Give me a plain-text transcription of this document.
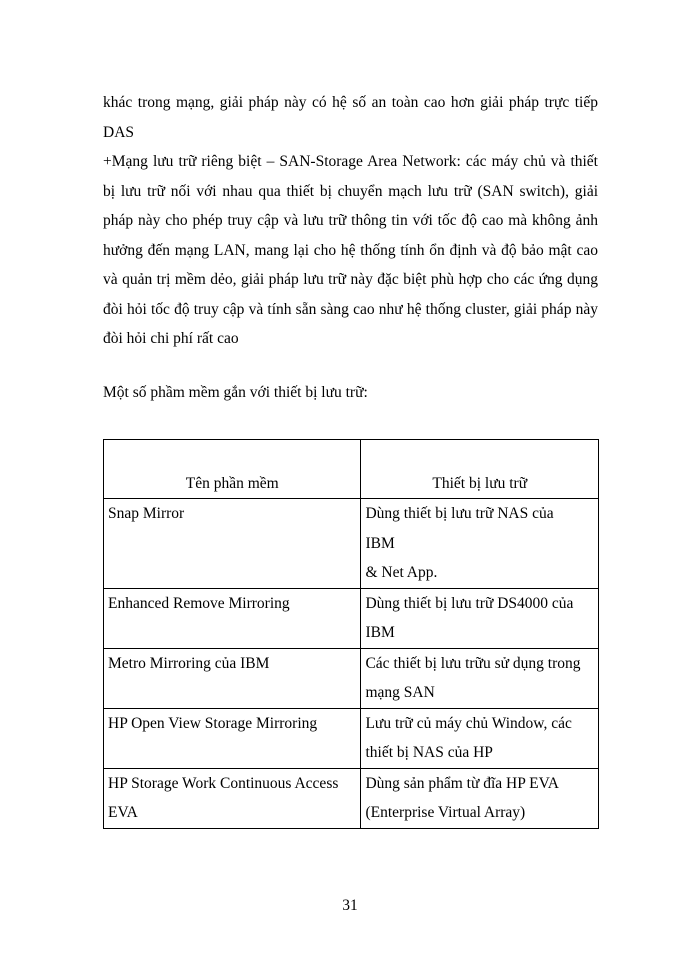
khác trong mạng, giải pháp này có hệ số an toàn cao hơn giải pháp trực tiếp DAS

+Mạng lưu trữ riêng biệt – SAN-Storage Area Network: các máy chủ và thiết bị lưu trữ nối với nhau qua thiết bị chuyển mạch lưu trữ (SAN switch), giải pháp này cho phép truy cập và lưu trữ thông tin với tốc độ cao mà không ảnh hưởng đến mạng LAN, mang lại cho hệ thống tính ổn định và độ bảo mật cao và quản trị mềm dẻo, giải pháp lưu trữ này đặc biệt phù hợp cho các ứng dụng đòi hỏi tốc độ truy cập và tính sẵn sàng cao như hệ thống cluster, giải pháp này đòi hỏi chi phí rất cao

Một số phầm mềm gắn với thiết bị lưu trữ:
Tên phần mềm	Thiết bị lưu trữ
Snap Mirror	Dùng thiết bị lưu trữ NAS của
IBM
& Net App.

Enhanced Remove Mirroring	Dùng thiết bị lưu trữ DS4000 của
IBM

Metro Mirroring của IBM	Các thiết bị lưu trữu sử dụng trong
mạng SAN

HP Open View Storage Mirroring	Lưu trữ củ máy chủ Window, các
thiết bị NAS của HP

HP Storage Work Continuous Access EVA	Dùng sản phẩm từ đĩa HP EVA
(Enterprise Virtual Array)
31
